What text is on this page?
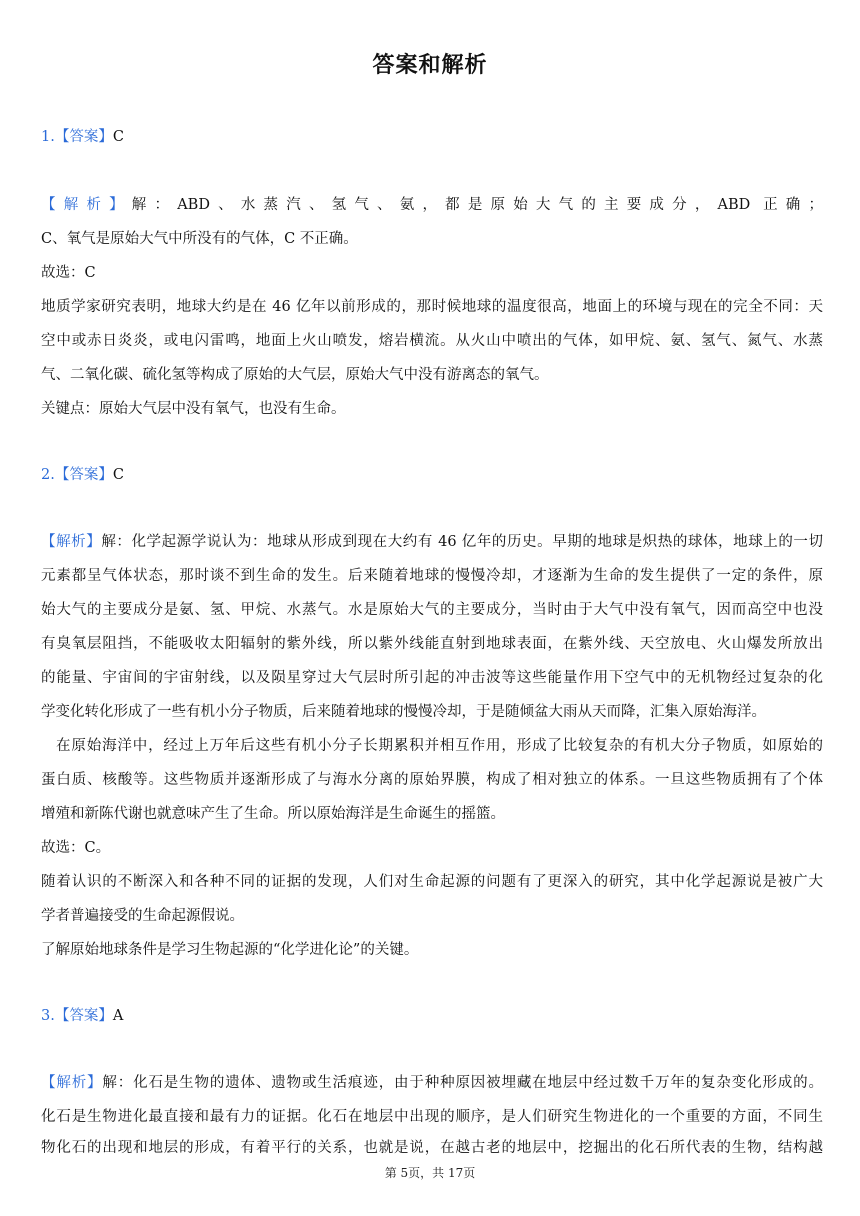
答案和解析
1.【答案】C
【解析】解：ABD、水蒸汽、氢气、氨，都是原始大气的主要成分，ABD 正确；
C、氧气是原始大气中所没有的气体，C 不正确。
故选：C
地质学家研究表明，地球大约是在 46 亿年以前形成的，那时候地球的温度很高，地面上的环境与现在的完全不同：天
空中或赤日炎炎，或电闪雷鸣，地面上火山喷发，熔岩横流。从火山中喷出的气体，如甲烷、氨、氢气、氮气、水蒸
气、二氧化碳、硫化氢等构成了原始的大气层，原始大气中没有游离态的氧气。
关键点：原始大气层中没有氧气，也没有生命。
2.【答案】C
【解析】解：化学起源学说认为：地球从形成到现在大约有 46 亿年的历史。早期的地球是炽热的球体，地球上的一切
元素都呈气体状态，那时谈不到生命的发生。后来随着地球的慢慢冷却，才逐渐为生命的发生提供了一定的条件，原
始大气的主要成分是氨、氢、甲烷、水蒸气。水是原始大气的主要成分，当时由于大气中没有氧气，因而高空中也没
有臭氧层阻挡，不能吸收太阳辐射的紫外线，所以紫外线能直射到地球表面，在紫外线、天空放电、火山爆发所放出
的能量、宇宙间的宇宙射线，以及陨星穿过大气层时所引起的冲击波等这些能量作用下空气中的无机物经过复杂的化
学变化转化形成了一些有机小分子物质，后来随着地球的慢慢冷却，于是随倾盆大雨从天而降，汇集入原始海洋。
在原始海洋中，经过上万年后这些有机小分子长期累积并相互作用，形成了比较复杂的有机大分子物质，如原始的
蛋白质、核酸等。这些物质并逐渐形成了与海水分离的原始界膜，构成了相对独立的体系。一旦这些物质拥有了个体
增殖和新陈代谢也就意味产生了生命。所以原始海洋是生命诞生的摇篮。
故选：C。
随着认识的不断深入和各种不同的证据的发现，人们对生命起源的问题有了更深入的研究，其中化学起源说是被广大
学者普遍接受的生命起源假说。
了解原始地球条件是学习生物起源的“化学进化论”的关键。
3.【答案】A
【解析】解：化石是生物的遗体、遗物或生活痕迹，由于种种原因被埋藏在地层中经过数千万年的复杂变化形成的。
化石是生物进化最直接和最有力的证据。化石在地层中出现的顺序，是人们研究生物进化的一个重要的方面，不同生
物化石的出现和地层的形成，有着平行的关系，也就是说，在越古老的地层中，挖掘出的化石所代表的生物，结构越
第 5页，共 17页
